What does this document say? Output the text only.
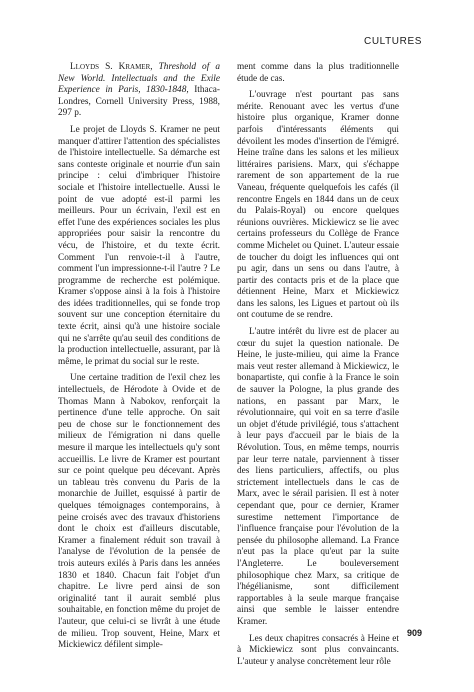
CULTURES

Lloyds S. Kramer, Threshold of a New World. Intellectuals and the Exile Experience in Paris, 1830-1848, Ithaca-Londres, Cornell University Press, 1988, 297 p.

Le projet de Lloyds S. Kramer ne peut manquer d'attirer l'attention des spécialistes de l'histoire intellectuelle. Sa démarche est sans conteste originale et nourrie d'un sain principe : celui d'imbriquer l'histoire sociale et l'histoire intellectuelle. Aussi le point de vue adopté est-il parmi les meilleurs. Pour un écrivain, l'exil est en effet l'une des expériences sociales les plus appropriées pour saisir la rencontre du vécu, de l'histoire, et du texte écrit. Comment l'un renvoie-t-il à l'autre, comment l'un impressionne-t-il l'autre ? Le programme de recherche est polémique. Kramer s'oppose ainsi à la fois à l'histoire des idées traditionnelles, qui se fonde trop souvent sur une conception éternitaire du texte écrit, ainsi qu'à une histoire sociale qui ne s'arrête qu'au seuil des conditions de la production intellectuelle, assurant, par là même, le primat du social sur le reste.

Une certaine tradition de l'exil chez les intellectuels, de Hérodote à Ovide et de Thomas Mann à Nabokov, renforçait la pertinence d'une telle approche. On sait peu de chose sur le fonctionnement des milieux de l'émigration ni dans quelle mesure il marque les intellectuels qu'y sont accueillis. Le livre de Kramer est pourtant sur ce point quelque peu décevant. Après un tableau très convenu du Paris de la monarchie de Juillet, esquissé à partir de quelques témoignages contemporains, à peine croisés avec des travaux d'historiens dont le choix est d'ailleurs discutable, Kramer a finalement réduit son travail à l'analyse de l'évolution de la pensée de trois auteurs exilés à Paris dans les années 1830 et 1840. Chacun fait l'objet d'un chapitre. Le livre perd ainsi de son originalité tant il aurait semblé plus souhaitable, en fonction même du projet de l'auteur, que celui-ci se livrât à une étude de milieu. Trop souvent, Heine, Marx et Mickiewicz défilent simple-

ment comme dans la plus traditionnelle étude de cas.

L'ouvrage n'est pourtant pas sans mérite. Renouant avec les vertus d'une histoire plus organique, Kramer donne parfois d'intéressants éléments qui dévoilent les modes d'insertion de l'émigré. Heine traîne dans les salons et les milieux littéraires parisiens. Marx, qui s'échappe rarement de son appartement de la rue Vaneau, fréquente quelquefois les cafés (il rencontre Engels en 1844 dans un de ceux du Palais-Royal) ou encore quelques réunions ouvrières. Mickiewicz se lie avec certains professeurs du Collège de France comme Michelet ou Quinet. L'auteur essaie de toucher du doigt les influences qui ont pu agir, dans un sens ou dans l'autre, à partir des contacts pris et de la place que détiennent Heine, Marx et Mickiewicz dans les salons, les Ligues et partout où ils ont coutume de se rendre.

L'autre intérêt du livre est de placer au cœur du sujet la question nationale. De Heine, le juste-milieu, qui aime la France mais veut rester allemand à Mickiewicz, le bonapartiste, qui confie à la France le soin de sauver la Pologne, la plus grande des nations, en passant par Marx, le révolutionnaire, qui voit en sa terre d'asile un objet d'étude privilégié, tous s'attachent à leur pays d'accueil par le biais de la Révolution. Tous, en même temps, nourris par leur terre natale, parviennent à tisser des liens particuliers, affectifs, ou plus strictement intellectuels dans le cas de Marx, avec le sérail parisien. Il est à noter cependant que, pour ce dernier, Kramer surestime nettement l'importance de l'influence française pour l'évolution de la pensée du philosophe allemand. La France n'eut pas la place qu'eut par la suite l'Angleterre. Le bouleversement philosophique chez Marx, sa critique de l'hégélianisme, sont difficilement rapportables à la seule marque française ainsi que semble le laisser entendre Kramer.

Les deux chapitres consacrés à Heine et à Mickiewicz sont plus convaincants. L'auteur y analyse concrètement leur rôle

909
